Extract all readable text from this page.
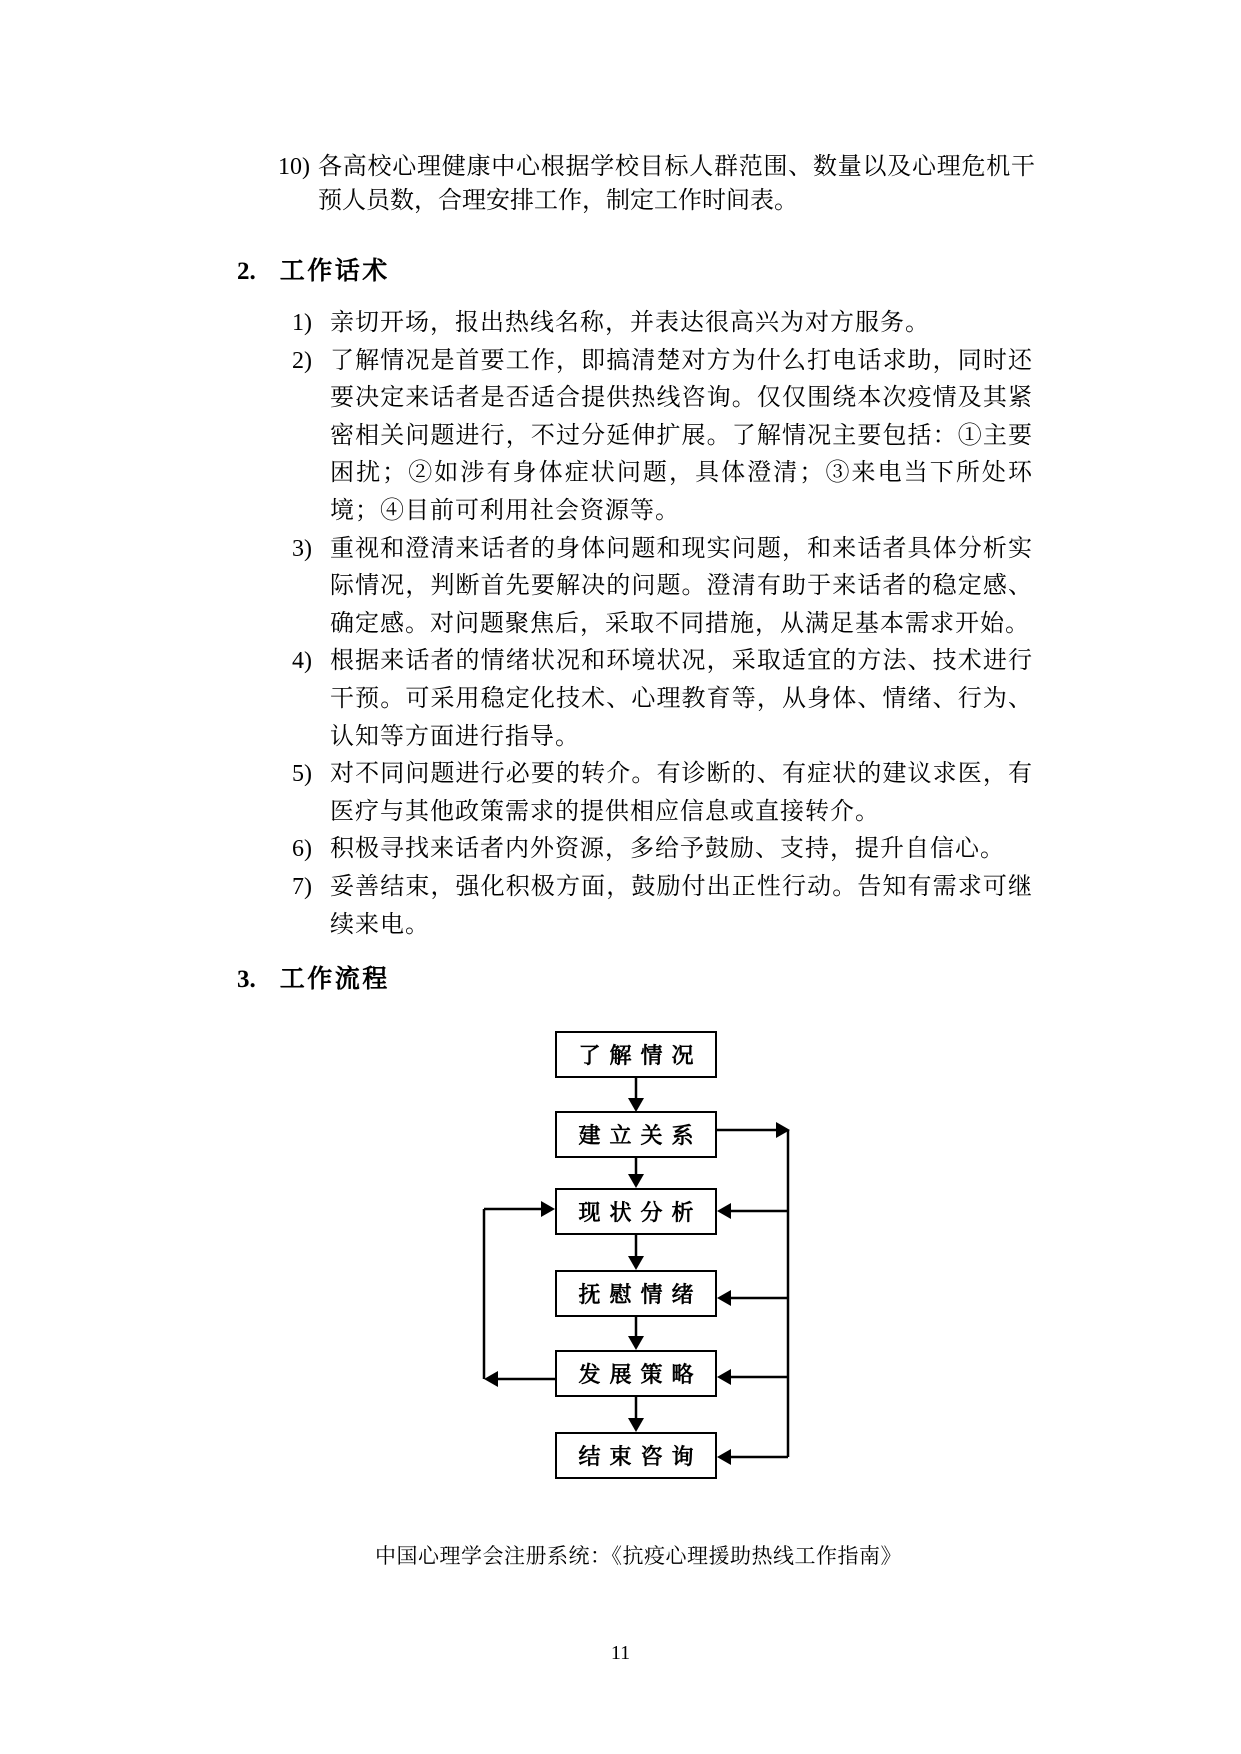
10) 各高校心理健康中心根据学校目标人群范围、数量以及心理危机干预人员数，合理安排工作，制定工作时间表。
2. 工作话术
1) 亲切开场，报出热线名称，并表达很高兴为对方服务。
2) 了解情况是首要工作，即搞清楚对方为什么打电话求助，同时还要决定来话者是否适合提供热线咨询。仅仅围绕本次疫情及其紧密相关问题进行，不过分延伸扩展。了解情况主要包括：①主要困扰；②如涉有身体症状问题，具体澄清；③来电当下所处环境；④目前可利用社会资源等。
3) 重视和澄清来话者的身体问题和现实问题，和来话者具体分析实际情况，判断首先要解决的问题。澄清有助于来话者的稳定感、确定感。对问题聚焦后，采取不同措施，从满足基本需求开始。
4) 根据来话者的情绪状况和环境状况，采取适宜的方法、技术进行干预。可采用稳定化技术、心理教育等，从身体、情绪、行为、认知等方面进行指导。
5) 对不同问题进行必要的转介。有诊断的、有症状的建议求医，有医疗与其他政策需求的提供相应信息或直接转介。
6) 积极寻找来话者内外资源，多给予鼓励、支持，提升自信心。
7) 妥善结束，强化积极方面，鼓励付出正性行动。告知有需求可继续来电。
3. 工作流程
了解情况
建立关系
现状分析
抚慰情绪
发展策略
结束咨询
中国心理学会注册系统：《抗疫心理援助热线工作指南》
11
